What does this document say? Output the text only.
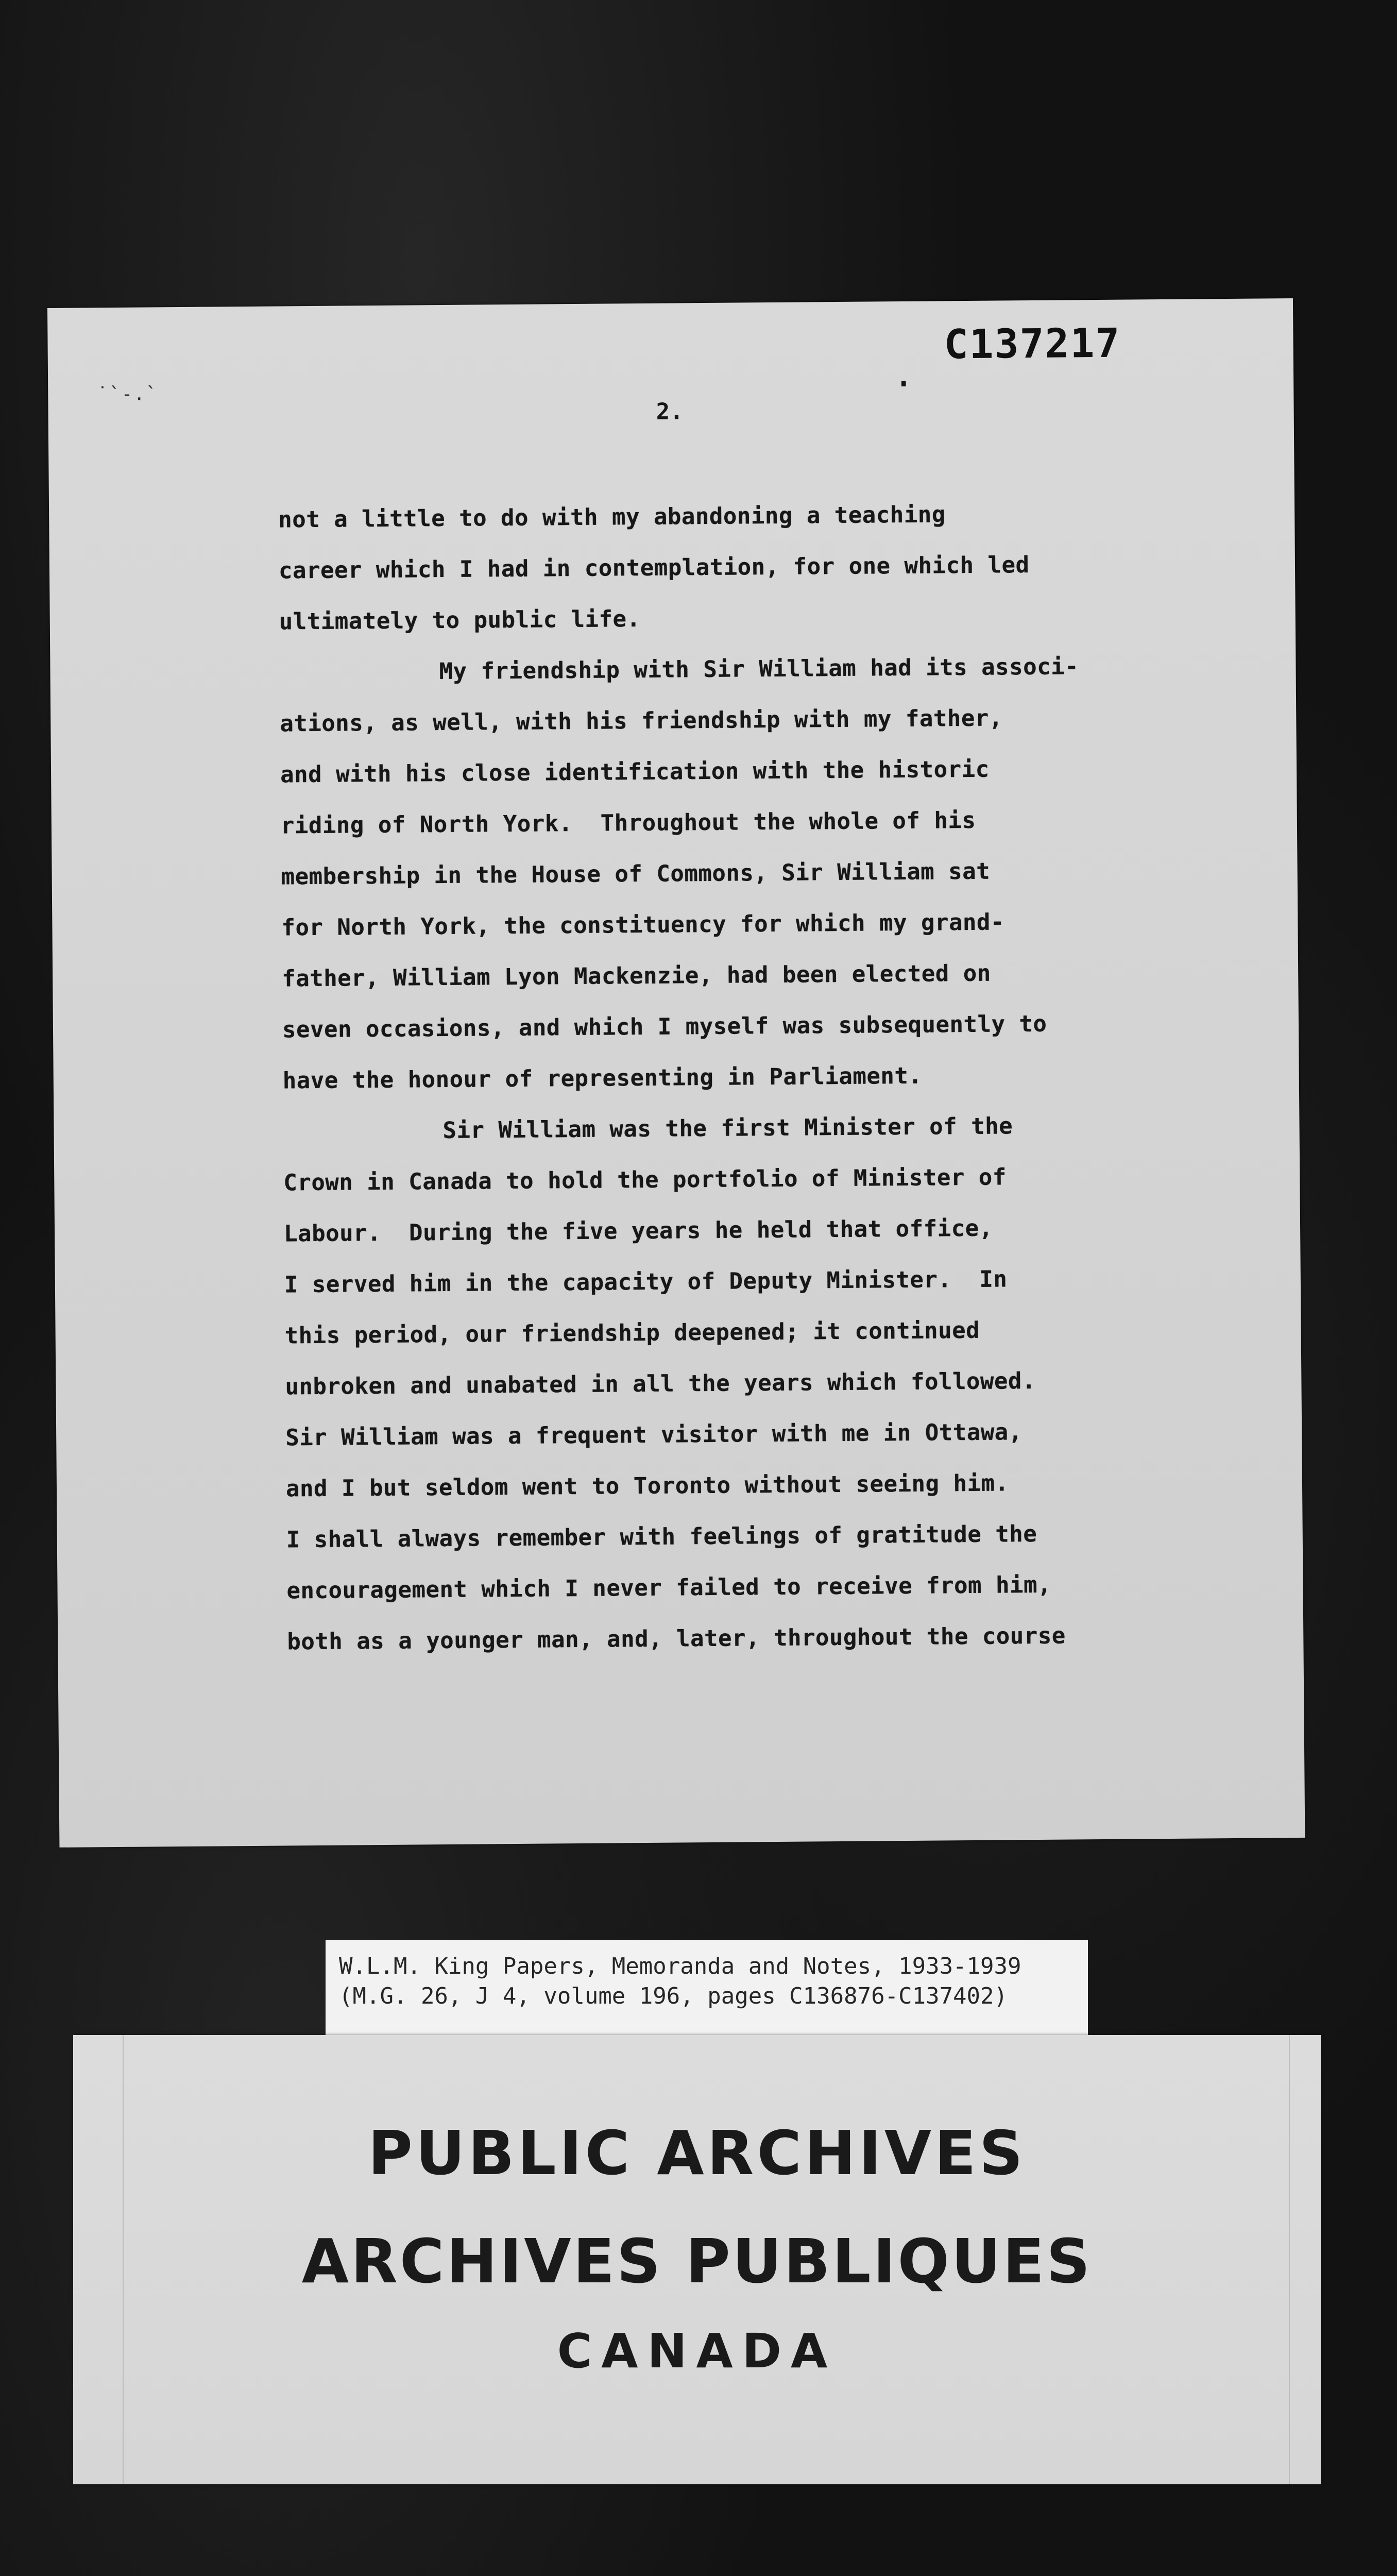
˙`-.`	.
C137217
2.
not a little to do with my abandoning a teaching
career which I had in contemplation, for one which led
ultimately to public life.
My friendship with Sir William had its associ-
ations, as well, with his friendship with my father,
and with his close identification with the historic
riding of North York.  Throughout the whole of his
membership in the House of Commons, Sir William sat
for North York, the constituency for which my grand-
father, William Lyon Mackenzie, had been elected on
seven occasions, and which I myself was subsequently to
have the honour of representing in Parliament.
Sir William was the first Minister of the
Crown in Canada to hold the portfolio of Minister of
Labour.  During the five years he held that office,
I served him in the capacity of Deputy Minister.  In
this period, our friendship deepened; it continued
unbroken and unabated in all the years which followed.
Sir William was a frequent visitor with me in Ottawa,
and I but seldom went to Toronto without seeing him.
I shall always remember with feelings of gratitude the
encouragement which I never failed to receive from him,
both as a younger man, and, later, throughout the course
W.L.M. King Papers, Memoranda and Notes, 1933-1939
(M.G. 26, J 4, volume 196, pages C136876-C137402)
PUBLIC ARCHIVES
ARCHIVES PUBLIQUES
CANADA
